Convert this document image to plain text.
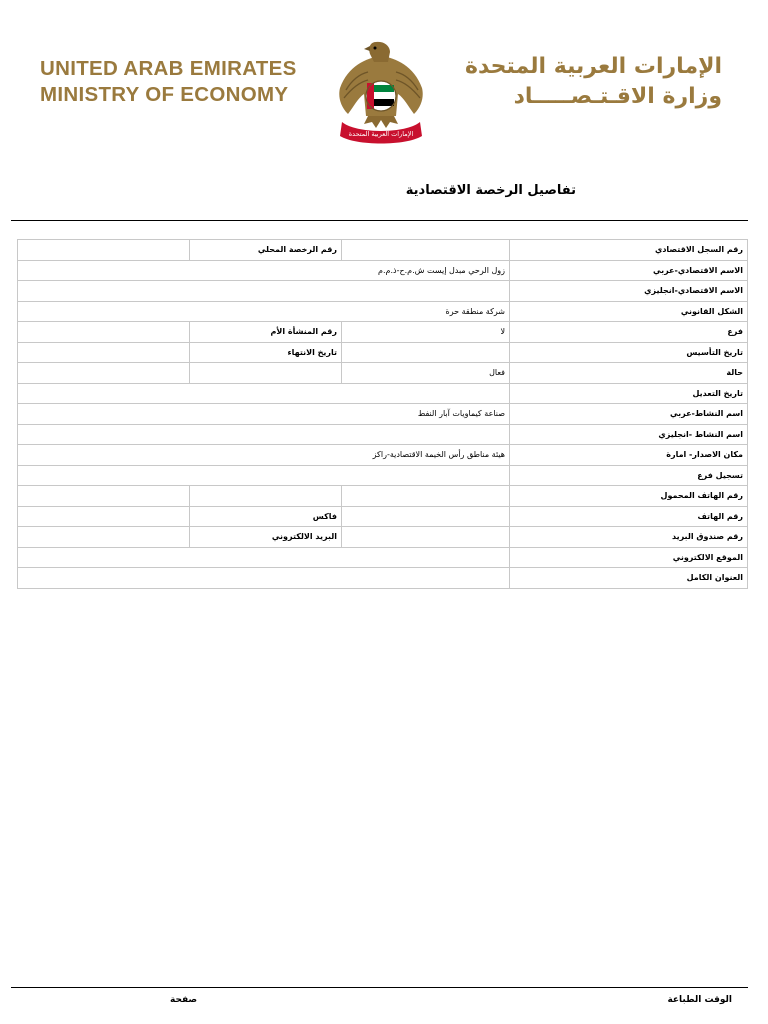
UNITED ARAB EMIRATES
MINISTRY OF ECONOMY
الإمارات العربية المتحدة
الإمارات العربية المتحدة
وزارة الاقـتـصـــــاد
تفاصيل الرخصة الاقتصادية
رقم السجل الاقتصادي		رقم الرخصة المحلي	
الاسم الاقتصادي-عربي	زول الرحي مبدل إيست ش.م.ح-ذ.م.م		
الاسم الاقتصادي-انجليزي			
الشكل القانوني	شركة منطقة حرة		
فرع	لا	رقم المنشأة الأم	
تاريخ التأسيس		تاريخ الانتهاء	
حالة	فعال		
تاريخ التعديل			
اسم النشاط-عربي	صناعة كيماويات آبار النفط		
اسم النشاط -انجليزي			
مكان الاصدار- امارة	هيئة مناطق رأس الخيمة الاقتصادية-راكز		
تسجيل فرع			
رقم الهاتف المحمول			
رقم الهاتف		فاكس	
رقم صندوق البريد		البريد الالكتروني	
الموقع الالكتروني			
العنوان الكامل			
الوقت الطباعة
صفحة
